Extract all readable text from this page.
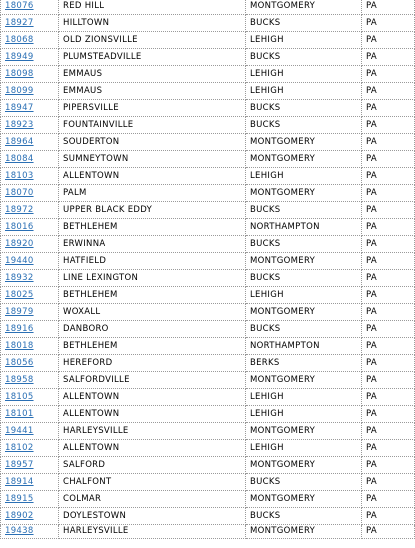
18076	RED HILL	MONTGOMERY	PA
18927	HILLTOWN	BUCKS	PA
18068	OLD ZIONSVILLE	LEHIGH	PA
18949	PLUMSTEADVILLE	BUCKS	PA
18098	EMMAUS	LEHIGH	PA
18099	EMMAUS	LEHIGH	PA
18947	PIPERSVILLE	BUCKS	PA
18923	FOUNTAINVILLE	BUCKS	PA
18964	SOUDERTON	MONTGOMERY	PA
18084	SUMNEYTOWN	MONTGOMERY	PA
18103	ALLENTOWN	LEHIGH	PA
18070	PALM	MONTGOMERY	PA
18972	UPPER BLACK EDDY	BUCKS	PA
18016	BETHLEHEM	NORTHAMPTON	PA
18920	ERWINNA	BUCKS	PA
19440	HATFIELD	MONTGOMERY	PA
18932	LINE LEXINGTON	BUCKS	PA
18025	BETHLEHEM	LEHIGH	PA
18979	WOXALL	MONTGOMERY	PA
18916	DANBORO	BUCKS	PA
18018	BETHLEHEM	NORTHAMPTON	PA
18056	HEREFORD	BERKS	PA
18958	SALFORDVILLE	MONTGOMERY	PA
18105	ALLENTOWN	LEHIGH	PA
18101	ALLENTOWN	LEHIGH	PA
19441	HARLEYSVILLE	MONTGOMERY	PA
18102	ALLENTOWN	LEHIGH	PA
18957	SALFORD	MONTGOMERY	PA
18914	CHALFONT	BUCKS	PA
18915	COLMAR	MONTGOMERY	PA
18902	DOYLESTOWN	BUCKS	PA
19438	HARLEYSVILLE	MONTGOMERY	PA
